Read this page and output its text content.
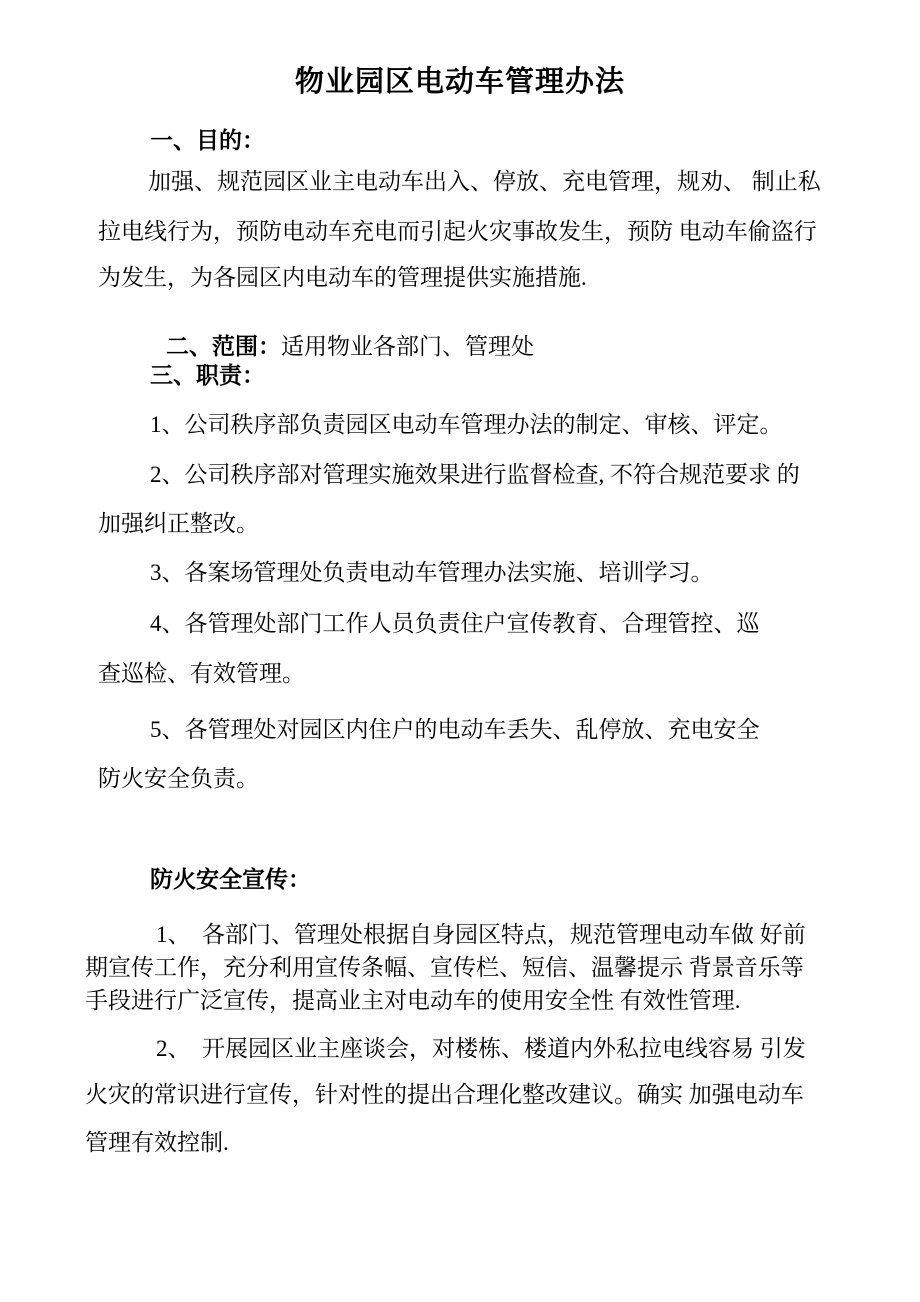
物业园区电动车管理办法
一、目的：
加强、规范园区业主电动车出入、停放、充电管理，规劝、 制止私
拉电线行为，预防电动车充电而引起火灾事故发生，预防 电动车偷盗行
为发生，为各园区内电动车的管理提供实施措施.

二、范围：适用物业各部门、管理处

三、职责：
1、公司秩序部负责园区电动车管理办法的制定、审核、评定。
2、公司秩序部对管理实施效果进行监督检查, 不符合规范要求 的
加强纠正整改。
3、各案场管理处负责电动车管理办法实施、培训学习。
4、各管理处部门工作人员负责住户宣传教育、合理管控、巡
查巡检、有效管理。
5、各管理处对园区内住户的电动车丢失、乱停放、充电安全
防火安全负责。
防火安全宣传：
1、　各部门、管理处根据自身园区特点，规范管理电动车做 好前
期宣传工作，充分利用宣传条幅、宣传栏、短信、温馨提示 背景音乐等
手段进行广泛宣传，提高业主对电动车的使用安全性 有效性管理.
2、　开展园区业主座谈会，对楼栋、楼道内外私拉电线容易 引发
火灾的常识进行宣传，针对性的提出合理化整改建议。确实 加强电动车
管理有效控制.
